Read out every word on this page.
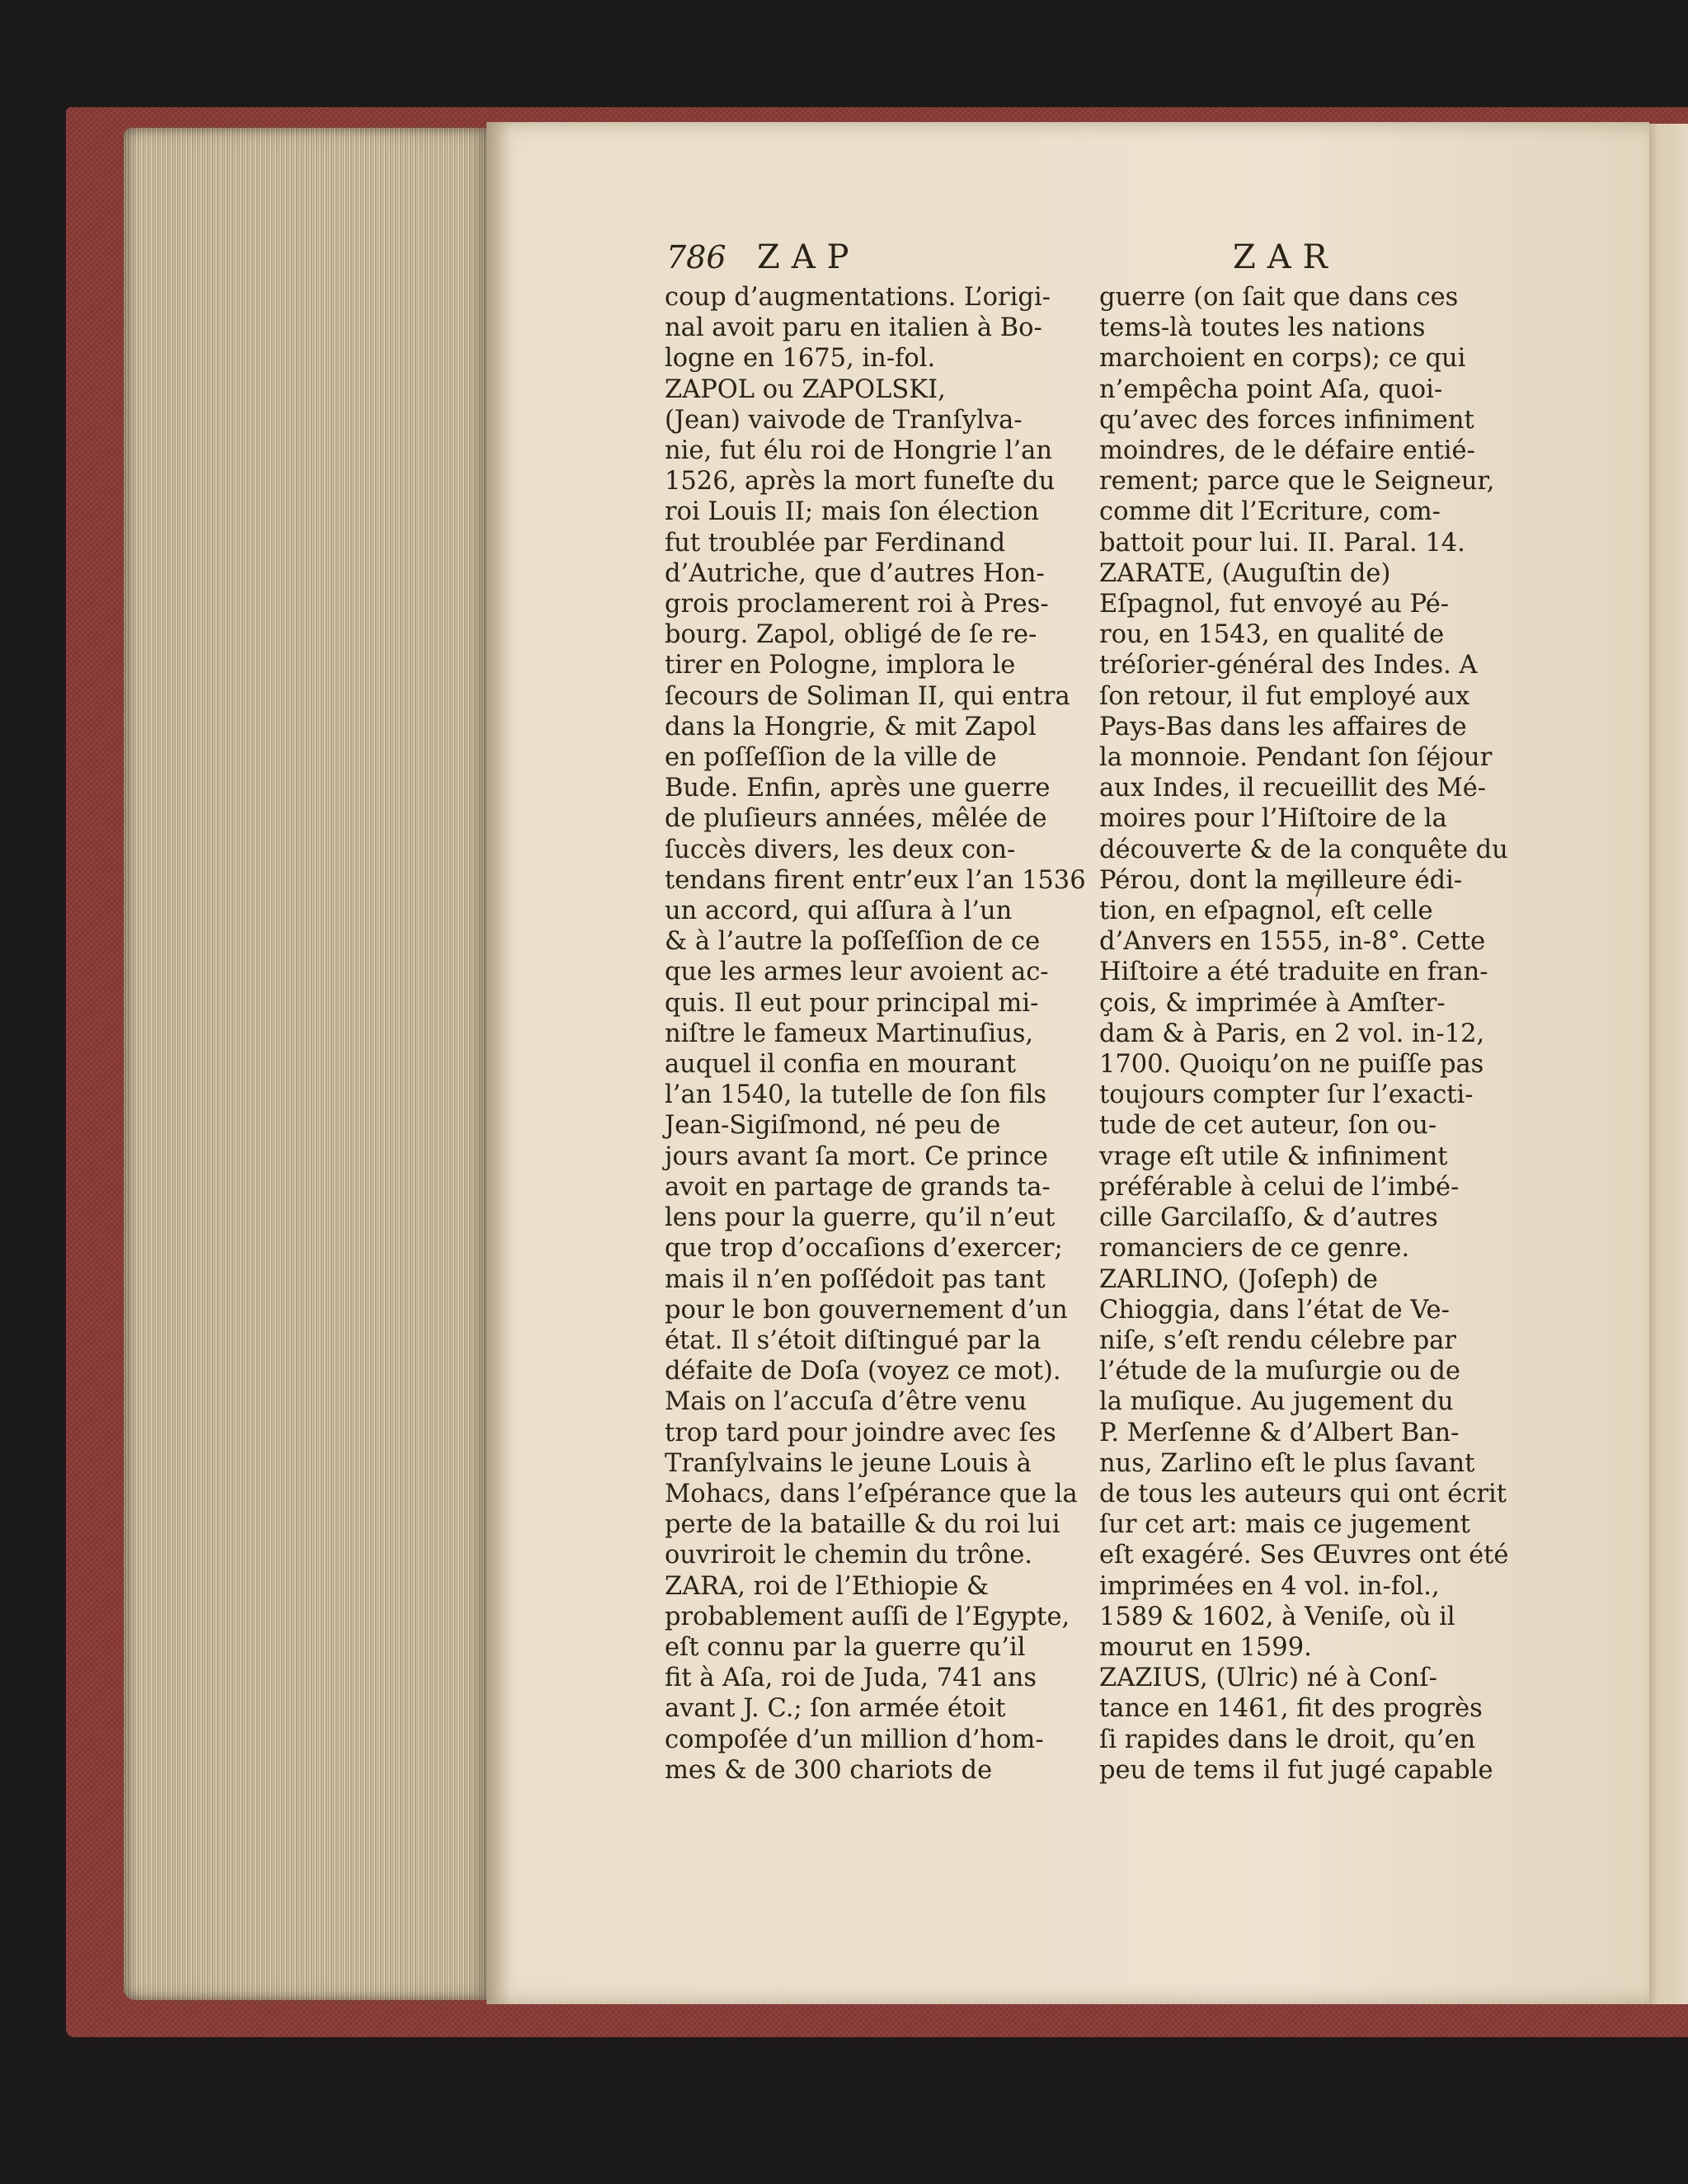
786 ZAP	ZAR
coup d’augmentations. L’origi-
nal avoit paru en italien à Bo-
logne en 1675, in-fol.
ZAPOL ou ZAPOLSKI,
(Jean) vaivode de Tranſylva-
nie, fut élu roi de Hongrie l’an
1526, après la mort funeſte du
roi Louis II; mais ſon élection
fut troublée par Ferdinand
d’Autriche, que d’autres Hon-
grois proclamerent roi à Pres-
bourg. Zapol, obligé de ſe re-
tirer en Pologne, implora le
ſecours de Soliman II, qui entra
dans la Hongrie, & mit Zapol
en poſſeſſion de la ville de
Bude. Enfin, après une guerre
de pluſieurs années, mêlée de
ſuccès divers, les deux con-
tendans firent entr’eux l’an 1536
un accord, qui aſſura à l’un
& à l’autre la poſſeſſion de ce
que les armes leur avoient ac-
quis. Il eut pour principal mi-
niſtre le fameux Martinuſius,
auquel il confia en mourant
l’an 1540, la tutelle de ſon fils
Jean-Sigiſmond, né peu de
jours avant ſa mort. Ce prince
avoit en partage de grands ta-
lens pour la guerre, qu’il n’eut
que trop d’occaſions d’exercer;
mais il n’en poſſédoit pas tant
pour le bon gouvernement d’un
état. Il s’étoit diſtingué par la
défaite de Doſa (voyez ce mot).
Mais on l’accuſa d’être venu
trop tard pour joindre avec ſes
Tranſylvains le jeune Louis à
Mohacs, dans l’eſpérance que la
perte de la bataille & du roi lui
ouvriroit le chemin du trône.
ZARA, roi de l’Ethiopie &
probablement auſſi de l’Egypte,
eſt connu par la guerre qu’il
fit à Aſa, roi de Juda, 741 ans
avant J. C.; ſon armée étoit
compoſée d’un million d’hom-
mes & de 300 chariots de
guerre (on ſait que dans ces
tems-là toutes les nations
marchoient en corps); ce qui
n’empêcha point Aſa, quoi-
qu’avec des forces infiniment
moindres, de le défaire entié-
rement; parce que le Seigneur,
comme dit l’Ecriture, com-
battoit pour lui. II. Paral. 14.
ZARATE, (Auguſtin de)
Eſpagnol, fut envoyé au Pé-
rou, en 1543, en qualité de
tréſorier-général des Indes. A
ſon retour, il fut employé aux
Pays-Bas dans les affaires de
la monnoie. Pendant ſon ſéjour
aux Indes, il recueillit des Mé-
moires pour l’Hiſtoire de la
découverte & de la conquête du
Pérou, dont la meilleure édi-
tion, en eſpagnol, eſt celle
d’Anvers en 1555, in-8°. Cette
Hiſtoire a été traduite en fran-
çois, & imprimée à Amſter-
dam & à Paris, en 2 vol. in-12,
1700. Quoiqu’on ne puiſſe pas
toujours compter ſur l’exacti-
tude de cet auteur, ſon ou-
vrage eſt utile & infiniment
préférable à celui de l’imbé-
cille Garcilaſſo, & d’autres
romanciers de ce genre.
ZARLINO, (Joſeph) de
Chioggia, dans l’état de Ve-
niſe, s’eſt rendu célebre par
l’étude de la muſurgie ou de
la muſique. Au jugement du
P. Merſenne & d’Albert Ban-
nus, Zarlino eſt le plus ſavant
de tous les auteurs qui ont écrit
ſur cet art: mais ce jugement
eſt exagéré. Ses Œuvres ont été
imprimées en 4 vol. in-fol.,
1589 & 1602, à Veniſe, où il
mourut en 1599.
ZAZIUS, (Ulric) né à Conſ-
tance en 1461, fit des progrès
ſi rapides dans le droit, qu’en
peu de tems il fut jugé capable
